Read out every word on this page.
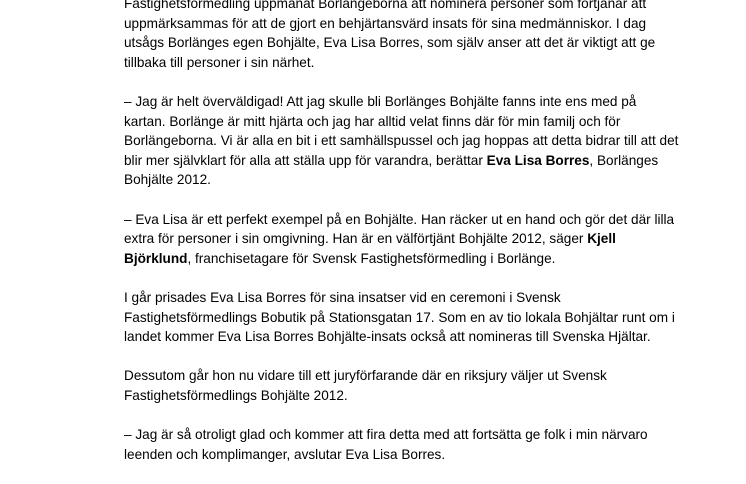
Fastighetsförmedling uppmanat Borlängeborna att nominera personer som förtjänar att
uppmärksammas för att de gjort en behjärtansvärd insats för sina medmänniskor. I dag
utsågs Borlänges egen Bohjälte, Eva Lisa Borres, som själv anser att det är viktigt att ge
tillbaka till personer i sin närhet.

– Jag är helt överväldigad! Att jag skulle bli Borlänges Bohjälte fanns inte ens med på
kartan. Borlänge är mitt hjärta och jag har alltid velat finns där för min familj och för
Borlängeborna. Vi är alla en bit i ett samhällspussel och jag hoppas att detta bidrar till att det
blir mer självklart för alla att ställa upp för varandra, berättar Eva Lisa Borres, Borlänges
Bohjälte 2012.

– Eva Lisa är ett perfekt exempel på en Bohjälte. Han räcker ut en hand och gör det där lilla
extra för personer i sin omgivning. Han är en välförtjänt Bohjälte 2012, säger Kjell
Björklund, franchisetagare för Svensk Fastighetsförmedling i Borlänge.

I går prisades Eva Lisa Borres för sina insatser vid en ceremoni i Svensk
Fastighetsförmedlings Bobutik på Stationsgatan 17. Som en av tio lokala Bohjältar runt om i
landet kommer Eva Lisa Borres Bohjälte-insats också att nomineras till Svenska Hjältar.

Dessutom går hon nu vidare till ett juryförfarande där en riksjury väljer ut Svensk
Fastighetsförmedlings Bohjälte 2012.

– Jag är så otroligt glad och kommer att fira detta med att fortsätta ge folk i min närvaro
leenden och komplimanger, avslutar Eva Lisa Borres.
